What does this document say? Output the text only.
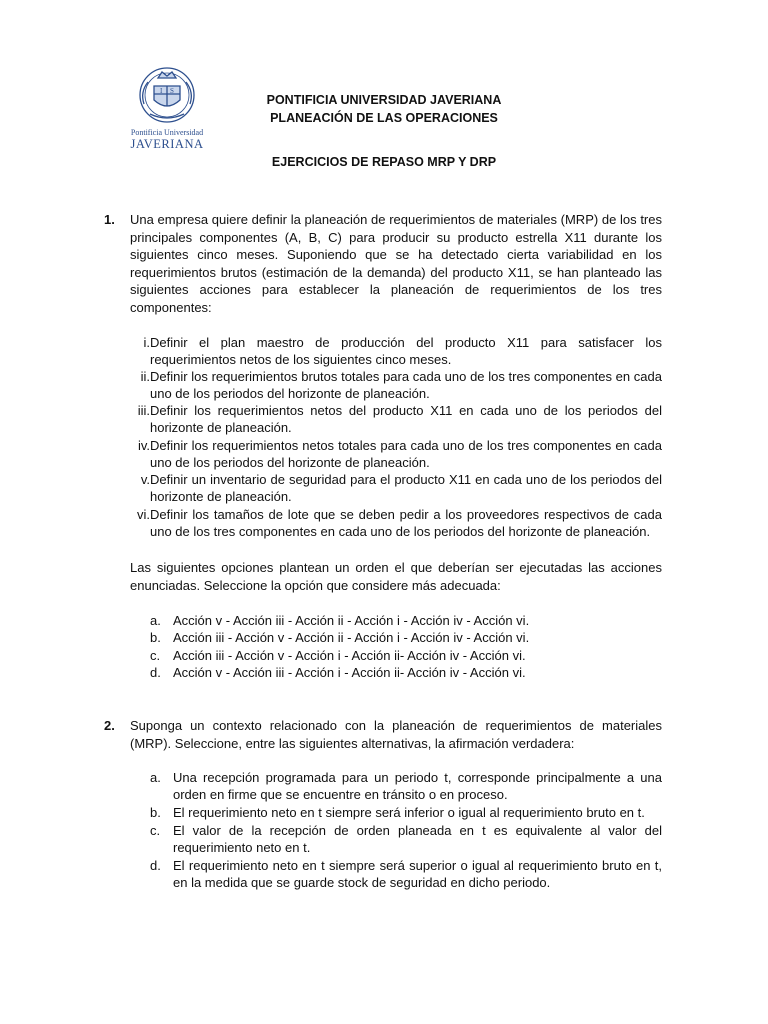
I S
Pontificia Universidad
JAVERIANA
PONTIFICIA UNIVERSIDAD JAVERIANA
PLANEACIÓN DE LAS OPERACIONES
EJERCICIOS DE REPASO MRP Y DRP
1. Una empresa quiere definir la planeación de requerimientos de materiales (MRP) de los tres principales componentes (A, B, C) para producir su producto estrella X11 durante los siguientes cinco meses. Suponiendo que se ha detectado cierta variabilidad en los requerimientos brutos (estimación de la demanda) del producto X11, se han planteado las siguientes acciones para establecer la planeación de requerimientos de los tres componentes:
i. Definir el plan maestro de producción del producto X11 para satisfacer los requerimientos netos de los siguientes cinco meses.
ii. Definir los requerimientos brutos totales para cada uno de los tres componentes en cada uno de los periodos del horizonte de planeación.
iii. Definir los requerimientos netos del producto X11 en cada uno de los periodos del horizonte de planeación.
iv. Definir los requerimientos netos totales para cada uno de los tres componentes en cada uno de los periodos del horizonte de planeación.
v. Definir un inventario de seguridad para el producto X11 en cada uno de los periodos del horizonte de planeación.
vi. Definir los tamaños de lote que se deben pedir a los proveedores respectivos de cada uno de los tres componentes en cada uno de los periodos del horizonte de planeación.
Las siguientes opciones plantean un orden el que deberían ser ejecutadas las acciones enunciadas. Seleccione la opción que considere más adecuada:
a. Acción v - Acción iii - Acción ii - Acción i - Acción iv - Acción vi.
b. Acción iii - Acción v - Acción ii - Acción i - Acción iv - Acción vi.
c. Acción iii - Acción v - Acción i - Acción ii- Acción iv - Acción vi.
d. Acción v - Acción iii - Acción i - Acción ii- Acción iv - Acción vi.
2. Suponga un contexto relacionado con la planeación de requerimientos de materiales (MRP). Seleccione, entre las siguientes alternativas, la afirmación verdadera:
a. Una recepción programada para un periodo t, corresponde principalmente a una orden en firme que se encuentre en tránsito o en proceso.
b. El requerimiento neto en t siempre será inferior o igual al requerimiento bruto en t.
c. El valor de la recepción de orden planeada en t es equivalente al valor del requerimiento neto en t.
d. El requerimiento neto en t siempre será superior o igual al requerimiento bruto en t, en la medida que se guarde stock de seguridad en dicho periodo.
